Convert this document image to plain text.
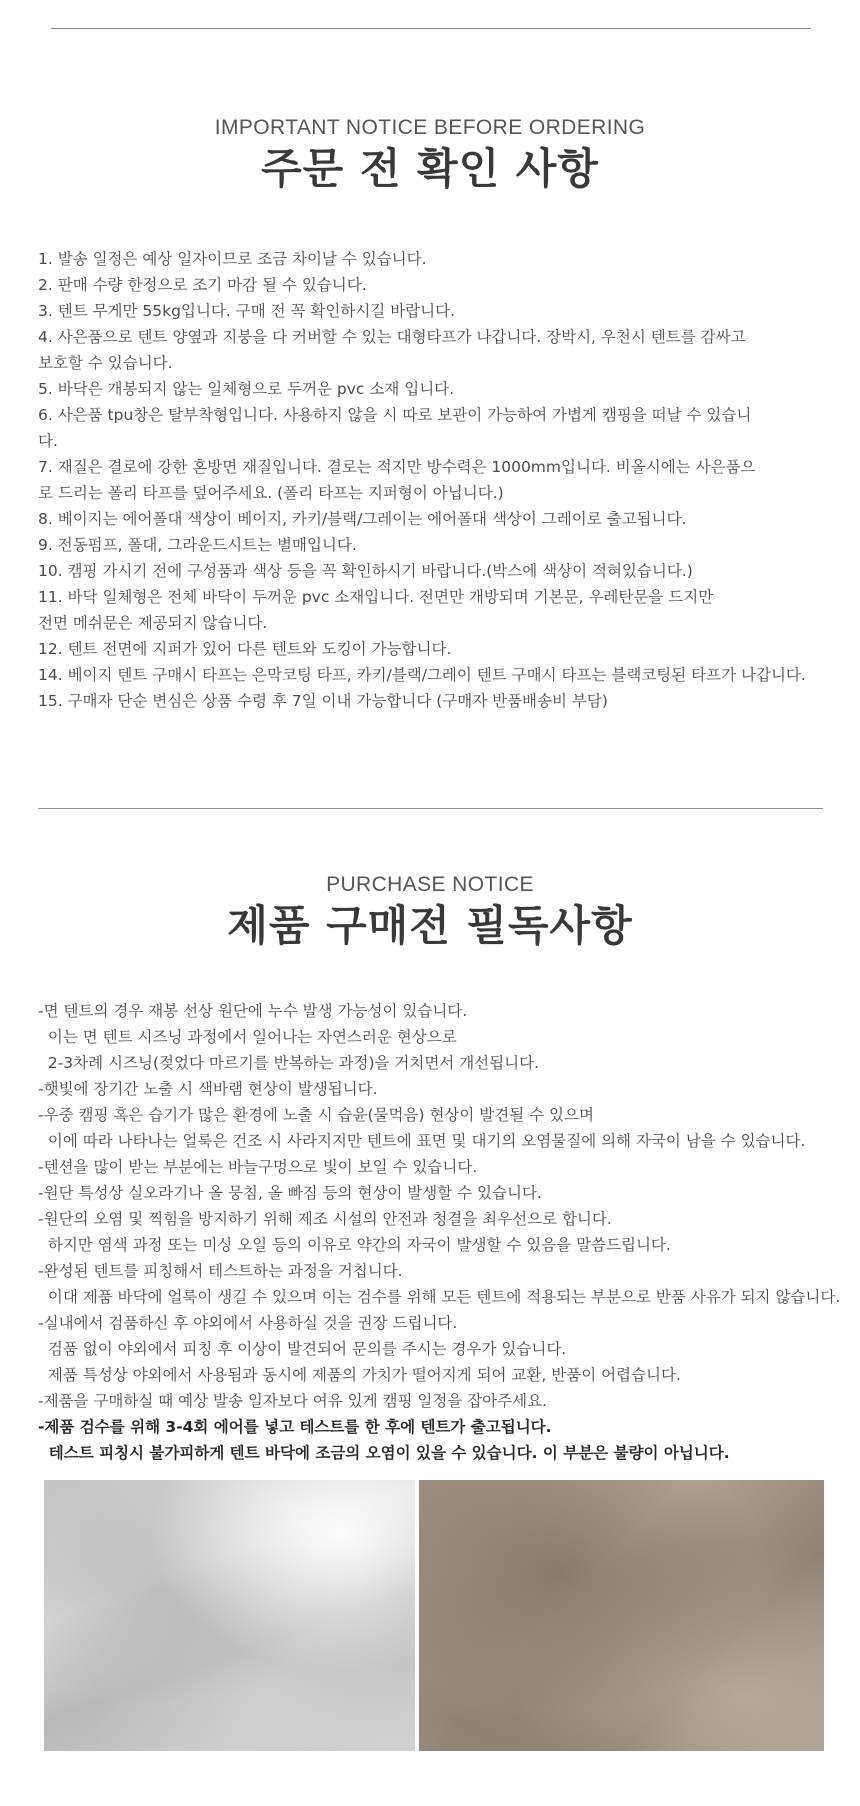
IMPORTANT NOTICE BEFORE ORDERING
주문 전 확인 사항
1. 발송 일정은 예상 일자이므로 조금 차이날 수 있습니다.
2. 판매 수량 한정으로 조기 마감 될 수 있습니다.
3. 텐트 무게만 55kg입니다. 구매 전 꼭 확인하시길 바랍니다.
4. 사은품으로 텐트 양옆과 지붕을 다 커버할 수 있는 대형타프가 나갑니다. 장박시, 우천시 텐트를 감싸고
보호할 수 있습니다.
5. 바닥은 개봉되지 않는 일체형으로 두꺼운 pvc 소재 입니다.
6. 사은품 tpu창은 탈부착형입니다. 사용하지 않을 시 따로 보관이 가능하여 가볍게 캠핑을 떠날 수 있습니
다.
7. 재질은 결로에 강한 혼방면 재질입니다. 결로는 적지만 방수력은 1000mm입니다. 비올시에는 사은품으
로 드리는 폴리 타프를 덮어주세요. (폴리 타프는 지퍼형이 아닙니다.)
8. 베이지는 에어폴대 색상이 베이지, 카키/블랙/그레이는 에어폴대 색상이 그레이로 출고됩니다.
9. 전동펌프, 폴대, 그라운드시트는 별매입니다.
10. 캠핑 가시기 전에 구성품과 색상 등을 꼭 확인하시기 바랍니다.(박스에 색상이 적혀있습니다.)
11. 바닥 일체형은 전체 바닥이 두꺼운 pvc 소재입니다. 전면만 개방되며 기본문, 우레탄문을 드지만
전면 메쉬문은 제공되지 않습니다.
12. 텐트 전면에 지퍼가 있어 다른 텐트와 도킹이 가능합니다.
14. 베이지 텐트 구매시 타프는 은막코팅 타프, 카키/블랙/그레이 텐트 구매시 타프는 블랙코팅된 타프가 나갑니다.
15. 구매자 단순 변심은 상품 수령 후 7일 이내 가능합니다 (구매자 반품배송비 부담)
PURCHASE NOTICE
제품 구매전 필독사항
-면 텐트의 경우 재봉 선상 원단에 누수 발생 가능성이 있습니다.
이는 면 텐트 시즈닝 과정에서 일어나는 자연스러운 현상으로
2-3차례 시즈닝(젖었다 마르기를 반복하는 과정)을 거치면서 개선됩니다.
-햇빛에 장기간 노출 시 색바램 현상이 발생됩니다.
-우중 캠핑 혹은 습기가 많은 환경에 노출 시 습윤(물먹음) 현상이 발견될 수 있으며
이에 따라 나타나는 얼룩은 건조 시 사라지지만 텐트에 표면 및 대기의 오염물질에 의해 자국이 남을 수 있습니다.
-텐션을 많이 받는 부분에는 바늘구멍으로 빛이 보일 수 있습니다.
-원단 특성상 실오라기나 올 뭉침, 올 빠짐 등의 현상이 발생할 수 있습니다.
-원단의 오염 및 찍힘을 방지하기 위해 제조 시설의 안전과 청결을 최우선으로 합니다.
하지만 염색 과정 또는 미싱 오일 등의 이유로 약간의 자국이 발생할 수 있음을 말씀드립니다.
-완성된 텐트를 피칭해서 테스트하는 과정을 거칩니다.
이대 제품 바닥에 얼룩이 생길 수 있으며 이는 검수를 위해 모든 텐트에 적용되는 부분으로 반품 사유가 되지 않습니다.
-실내에서 검품하신 후 야외에서 사용하실 것을 권장 드립니다.
검품 없이 야외에서 피칭 후 이상이 발견되어 문의를 주시는 경우가 있습니다.
제품 특성상 야외에서 사용됨과 동시에 제품의 가치가 떨어지게 되어 교환, 반품이 어렵습니다.
-제품을 구매하실 때 예상 발송 일자보다 여유 있게 캠핑 일정을 잡아주세요.
-제품 검수를 위해 3-4회 에어를 넣고 테스트를 한 후에 텐트가 출고됩니다.
테스트 피칭시 불가피하게 텐트 바닥에 조금의 오염이 있을 수 있습니다. 이 부분은 불량이 아닙니다.
